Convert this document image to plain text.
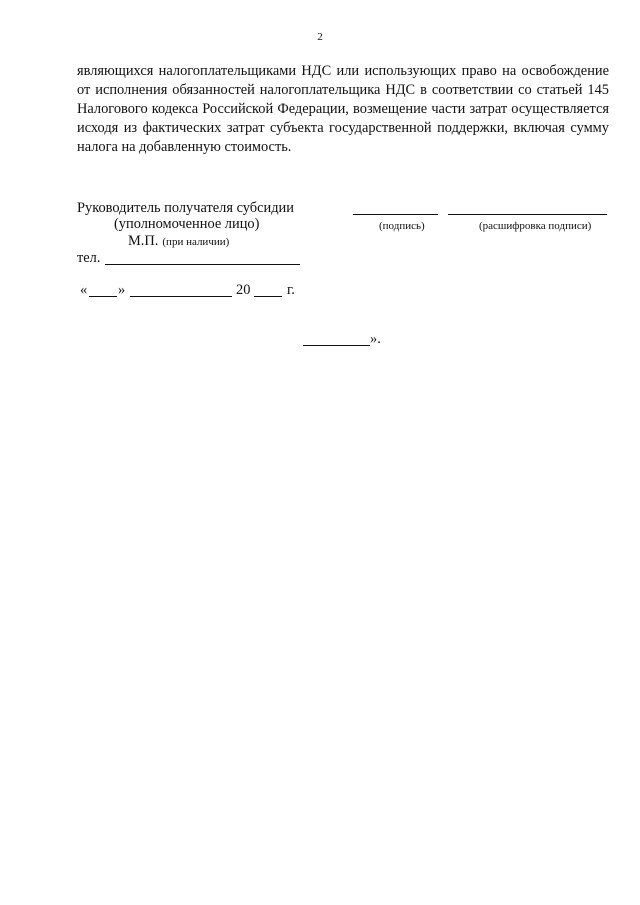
2

являющихся налогоплательщиками НДС или использующих право на освобождение от исполнения обязанностей налогоплательщика НДС в соответствии со статьей 145 Налогового кодекса Российской Федерации, возмещение части затрат осуществляется исходя из фактических затрат субъекта государственной поддержки, включая сумму налога на добавленную стоимость.

Руководитель получателя субсидии
(уполномоченное лицо)	(подпись)	(расшифровка подписи)
М.П. (при наличии)
тел.
« »	20	г.
».
